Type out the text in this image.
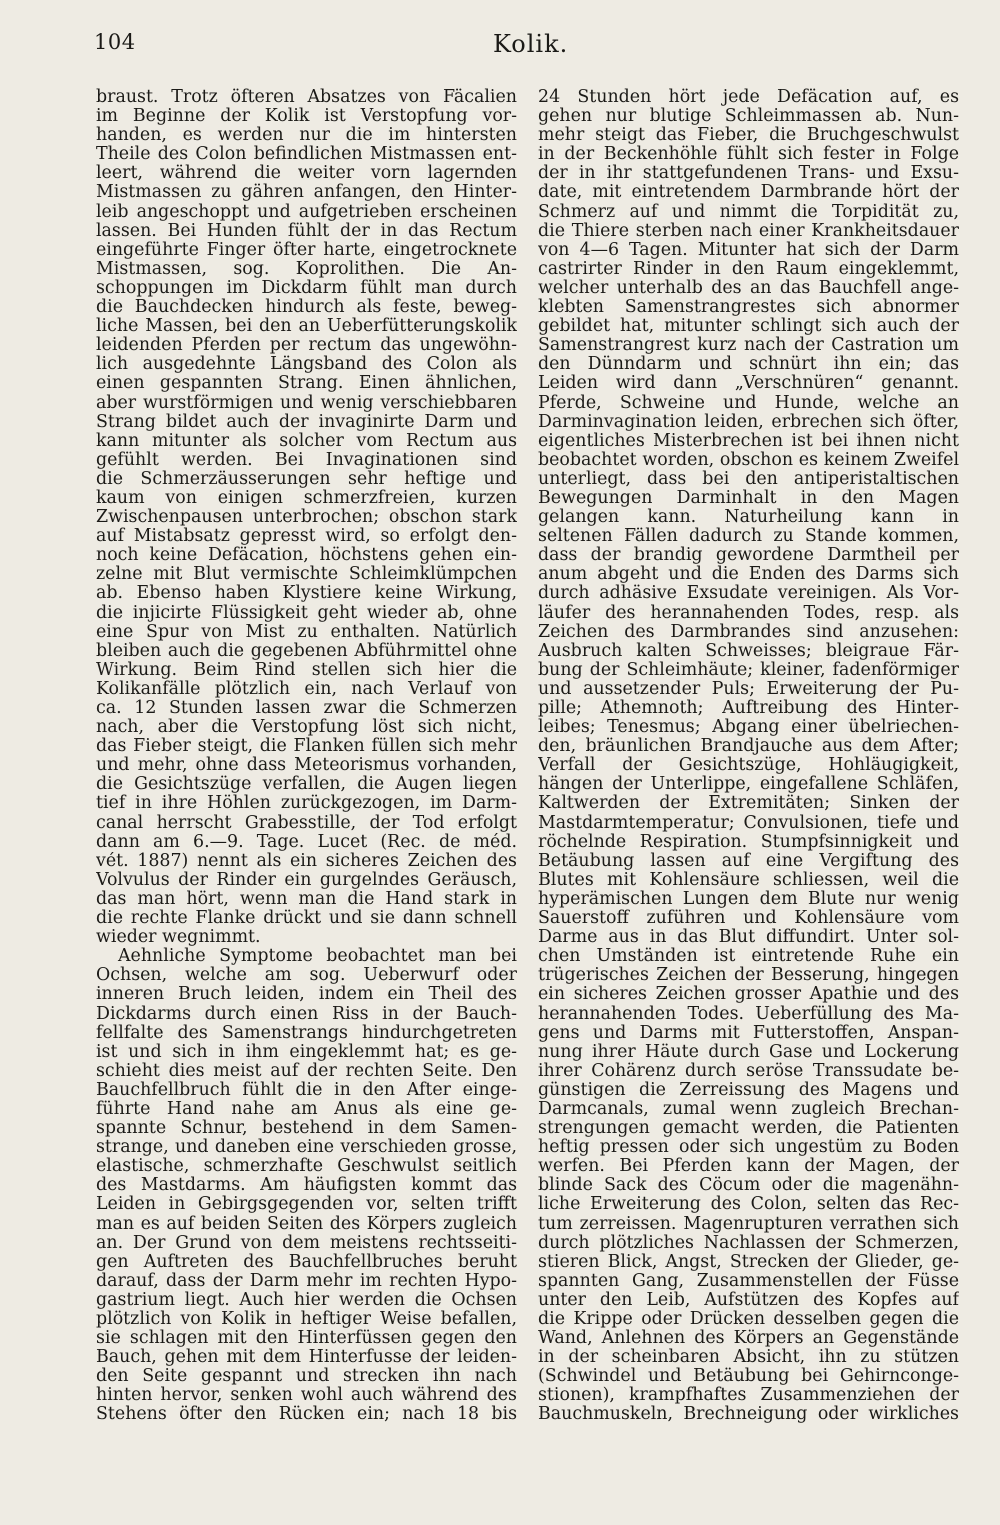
104	Kolik.
braust. Trotz öfteren Absatzes von Fäcalien
im Beginne der Kolik ist Verstopfung vor-
handen, es werden nur die im hintersten
Theile des Colon befindlichen Mistmassen ent-
leert, während die weiter vorn lagernden
Mistmassen zu gähren anfangen, den Hinter-
leib angeschoppt und aufgetrieben erscheinen
lassen. Bei Hunden fühlt der in das Rectum
eingeführte Finger öfter harte, eingetrocknete
Mistmassen, sog. Koprolithen. Die An-
schoppungen im Dickdarm fühlt man durch
die Bauchdecken hindurch als feste, beweg-
liche Massen, bei den an Ueberfütterungskolik
leidenden Pferden per rectum das ungewöhn-
lich ausgedehnte Längsband des Colon als
einen gespannten Strang. Einen ähnlichen,
aber wurstförmigen und wenig verschiebbaren
Strang bildet auch der invaginirte Darm und
kann mitunter als solcher vom Rectum aus
gefühlt werden. Bei Invaginationen sind
die Schmerzäusserungen sehr heftige und
kaum von einigen schmerzfreien, kurzen
Zwischenpausen unterbrochen; obschon stark
auf Mistabsatz gepresst wird, so erfolgt den-
noch keine Defäcation, höchstens gehen ein-
zelne mit Blut vermischte Schleimklümpchen
ab. Ebenso haben Klystiere keine Wirkung,
die injicirte Flüssigkeit geht wieder ab, ohne
eine Spur von Mist zu enthalten. Natürlich
bleiben auch die gegebenen Abführmittel ohne
Wirkung. Beim Rind stellen sich hier die
Kolikanfälle plötzlich ein, nach Verlauf von
ca. 12 Stunden lassen zwar die Schmerzen
nach, aber die Verstopfung löst sich nicht,
das Fieber steigt, die Flanken füllen sich mehr
und mehr, ohne dass Meteorismus vorhanden,
die Gesichtszüge verfallen, die Augen liegen
tief in ihre Höhlen zurückgezogen, im Darm-
canal herrscht Grabesstille, der Tod erfolgt
dann am 6.—9. Tage. Lucet (Rec. de méd.
vét. 1887) nennt als ein sicheres Zeichen des
Volvulus der Rinder ein gurgelndes Geräusch,
das man hört, wenn man die Hand stark in
die rechte Flanke drückt und sie dann schnell
wieder wegnimmt.
Aehnliche Symptome beobachtet man bei
Ochsen, welche am sog. Ueberwurf oder
inneren Bruch leiden, indem ein Theil des
Dickdarms durch einen Riss in der Bauch-
fellfalte des Samenstrangs hindurchgetreten
ist und sich in ihm eingeklemmt hat; es ge-
schieht dies meist auf der rechten Seite. Den
Bauchfellbruch fühlt die in den After einge-
führte Hand nahe am Anus als eine ge-
spannte Schnur, bestehend in dem Samen-
strange, und daneben eine verschieden grosse,
elastische, schmerzhafte Geschwulst seitlich
des Mastdarms. Am häufigsten kommt das
Leiden in Gebirgsgegenden vor, selten trifft
man es auf beiden Seiten des Körpers zugleich
an. Der Grund von dem meistens rechtsseiti-
gen Auftreten des Bauchfellbruches beruht
darauf, dass der Darm mehr im rechten Hypo-
gastrium liegt. Auch hier werden die Ochsen
plötzlich von Kolik in heftiger Weise befallen,
sie schlagen mit den Hinterfüssen gegen den
Bauch, gehen mit dem Hinterfusse der leiden-
den Seite gespannt und strecken ihn nach
hinten hervor, senken wohl auch während des
Stehens öfter den Rücken ein; nach 18 bis
24 Stunden hört jede Defäcation auf, es
gehen nur blutige Schleimmassen ab. Nun-
mehr steigt das Fieber, die Bruchgeschwulst
in der Beckenhöhle fühlt sich fester in Folge
der in ihr stattgefundenen Trans- und Exsu-
date, mit eintretendem Darmbrande hört der
Schmerz auf und nimmt die Torpidität zu,
die Thiere sterben nach einer Krankheitsdauer
von 4—6 Tagen. Mitunter hat sich der Darm
castrirter Rinder in den Raum eingeklemmt,
welcher unterhalb des an das Bauchfell ange-
klebten Samenstrangrestes sich abnormer
gebildet hat, mitunter schlingt sich auch der
Samenstrangrest kurz nach der Castration um
den Dünndarm und schnürt ihn ein; das
Leiden wird dann „Verschnüren“ genannt.
Pferde, Schweine und Hunde, welche an
Darminvagination leiden, erbrechen sich öfter,
eigentliches Misterbrechen ist bei ihnen nicht
beobachtet worden, obschon es keinem Zweifel
unterliegt, dass bei den antiperistaltischen
Bewegungen Darminhalt in den Magen
gelangen kann. Naturheilung kann in
seltenen Fällen dadurch zu Stande kommen,
dass der brandig gewordene Darmtheil per
anum abgeht und die Enden des Darms sich
durch adhäsive Exsudate vereinigen. Als Vor-
läufer des herannahenden Todes, resp. als
Zeichen des Darmbrandes sind anzusehen:
Ausbruch kalten Schweisses; bleigraue Fär-
bung der Schleimhäute; kleiner, fadenförmiger
und aussetzender Puls; Erweiterung der Pu-
pille; Athemnoth; Auftreibung des Hinter-
leibes; Tenesmus; Abgang einer übelriechen-
den, bräunlichen Brandjauche aus dem After;
Verfall der Gesichtszüge, Hohläugigkeit,
hängen der Unterlippe, eingefallene Schläfen,
Kaltwerden der Extremitäten; Sinken der
Mastdarmtemperatur; Convulsionen, tiefe und
röchelnde Respiration. Stumpfsinnigkeit und
Betäubung lassen auf eine Vergiftung des
Blutes mit Kohlensäure schliessen, weil die
hyperämischen Lungen dem Blute nur wenig
Sauerstoff zuführen und Kohlensäure vom
Darme aus in das Blut diffundirt. Unter sol-
chen Umständen ist eintretende Ruhe ein
trügerisches Zeichen der Besserung, hingegen
ein sicheres Zeichen grosser Apathie und des
herannahenden Todes. Ueberfüllung des Ma-
gens und Darms mit Futterstoffen, Anspan-
nung ihrer Häute durch Gase und Lockerung
ihrer Cohärenz durch seröse Transsudate be-
günstigen die Zerreissung des Magens und
Darmcanals, zumal wenn zugleich Brechan-
strengungen gemacht werden, die Patienten
heftig pressen oder sich ungestüm zu Boden
werfen. Bei Pferden kann der Magen, der
blinde Sack des Cöcum oder die magenähn-
liche Erweiterung des Colon, selten das Rec-
tum zerreissen. Magenrupturen verrathen sich
durch plötzliches Nachlassen der Schmerzen,
stieren Blick, Angst, Strecken der Glieder, ge-
spannten Gang, Zusammenstellen der Füsse
unter den Leib, Aufstützen des Kopfes auf
die Krippe oder Drücken desselben gegen die
Wand, Anlehnen des Körpers an Gegenstände
in der scheinbaren Absicht, ihn zu stützen
(Schwindel und Betäubung bei Gehirnconge-
stionen), krampfhaftes Zusammenziehen der
Bauchmuskeln, Brechneigung oder wirkliches
